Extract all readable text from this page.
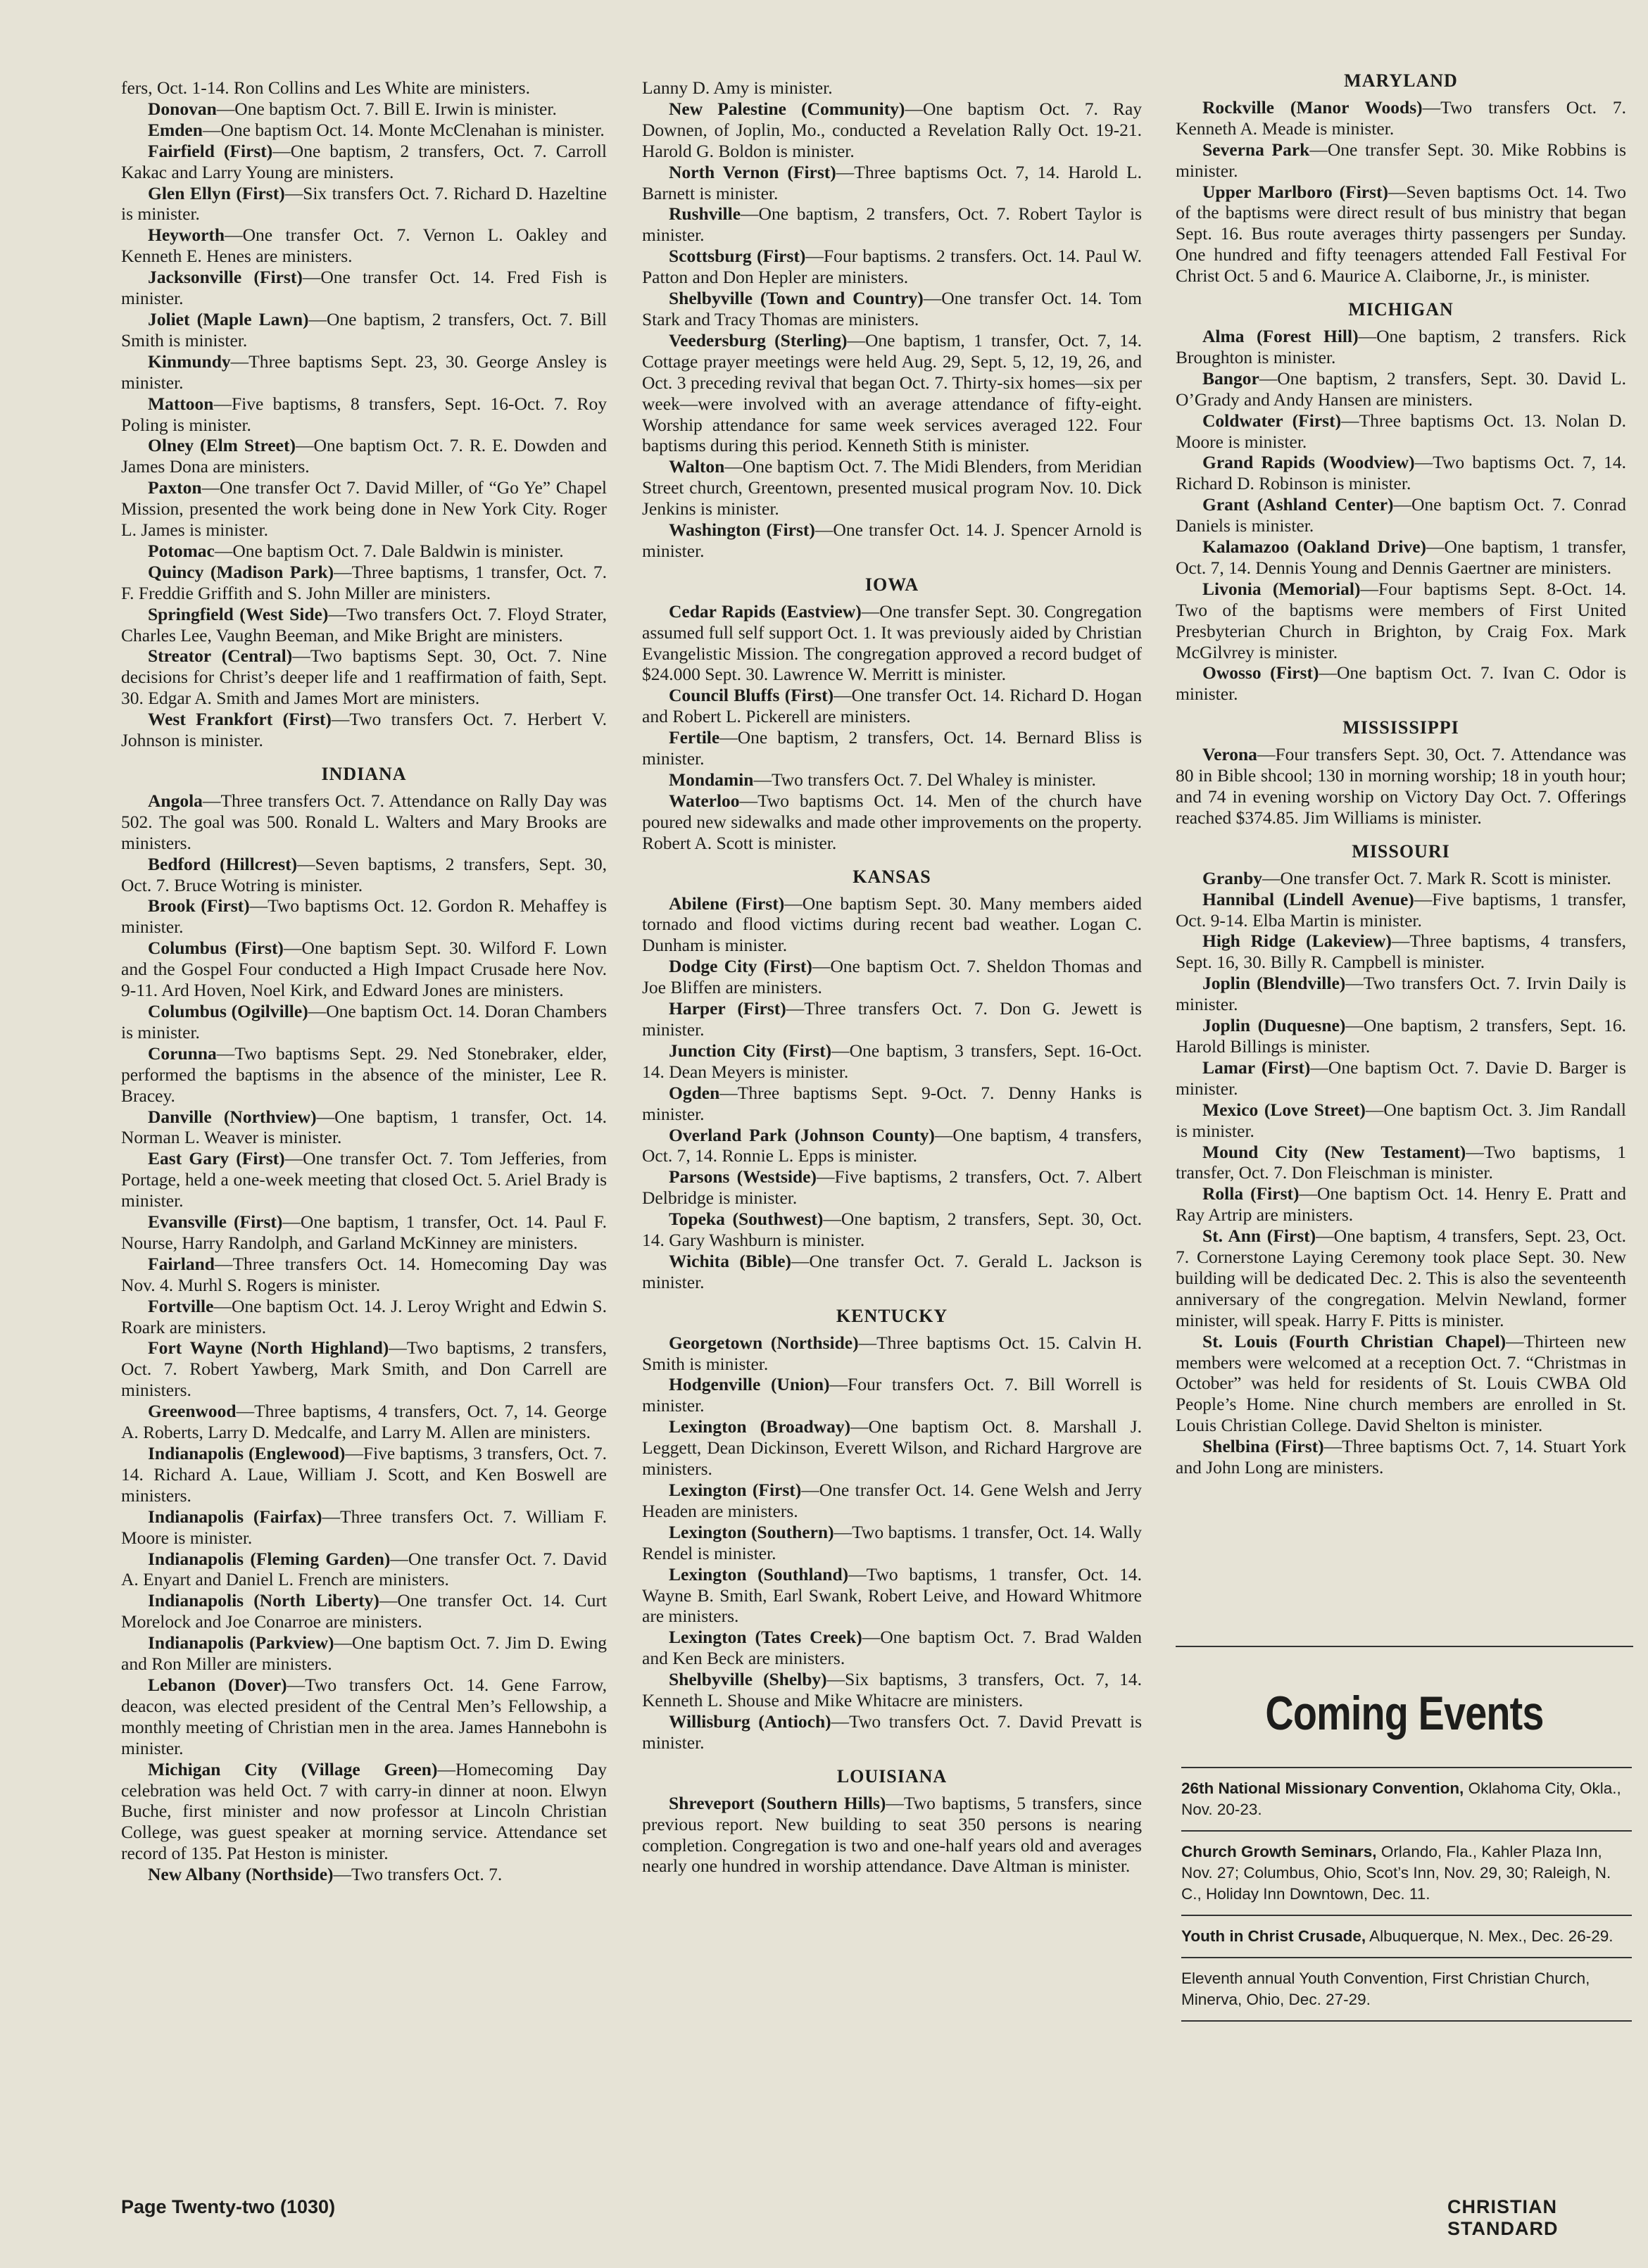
fers, Oct. 1-14. Ron Collins and Les White are ministers.

Donovan—One baptism Oct. 7. Bill E. Irwin is minister.

Emden—One baptism Oct. 14. Monte McClenahan is minister.

Fairfield (First)—One baptism, 2 transfers, Oct. 7. Carroll Kakac and Larry Young are ministers.

Glen Ellyn (First)—Six transfers Oct. 7. Richard D. Hazeltine is minister.

Heyworth—One transfer Oct. 7. Vernon L. Oakley and Kenneth E. Henes are ministers.

Jacksonville (First)—One transfer Oct. 14. Fred Fish is minister.

Joliet (Maple Lawn)—One baptism, 2 transfers, Oct. 7. Bill Smith is minister.

Kinmundy—Three baptisms Sept. 23, 30. George Ansley is minister.

Mattoon—Five baptisms, 8 transfers, Sept. 16-Oct. 7. Roy Poling is minister.

Olney (Elm Street)—One baptism Oct. 7. R. E. Dowden and James Dona are ministers.

Paxton—One transfer Oct 7. David Miller, of “Go Ye” Chapel Mission, presented the work being done in New York City. Roger L. James is minister.

Potomac—One baptism Oct. 7. Dale Baldwin is minister.

Quincy (Madison Park)—Three baptisms, 1 transfer, Oct. 7. F. Freddie Griffith and S. John Miller are ministers.

Springfield (West Side)—Two transfers Oct. 7. Floyd Strater, Charles Lee, Vaughn Beeman, and Mike Bright are ministers.

Streator (Central)—Two baptisms Sept. 30, Oct. 7. Nine decisions for Christ’s deeper life and 1 reaffirmation of faith, Sept. 30. Edgar A. Smith and James Mort are ministers.

West Frankfort (First)—Two transfers Oct. 7. Herbert V. Johnson is minister.

INDIANA

Angola—Three transfers Oct. 7. Attendance on Rally Day was 502. The goal was 500. Ronald L. Walters and Mary Brooks are ministers.

Bedford (Hillcrest)—Seven baptisms, 2 transfers, Sept. 30, Oct. 7. Bruce Wotring is minister.

Brook (First)—Two baptisms Oct. 12. Gordon R. Mehaffey is minister.

Columbus (First)—One baptism Sept. 30. Wilford F. Lown and the Gospel Four conducted a High Impact Crusade here Nov. 9-11. Ard Hoven, Noel Kirk, and Edward Jones are ministers.

Columbus (Ogilville)—One baptism Oct. 14. Doran Chambers is minister.

Corunna—Two baptisms Sept. 29. Ned Stonebraker, elder, performed the baptisms in the absence of the minister, Lee R. Bracey.

Danville (Northview)—One baptism, 1 transfer, Oct. 14. Norman L. Weaver is minister.

East Gary (First)—One transfer Oct. 7. Tom Jefferies, from Portage, held a one-week meeting that closed Oct. 5. Ariel Brady is minister.

Evansville (First)—One baptism, 1 transfer, Oct. 14. Paul F. Nourse, Harry Randolph, and Garland McKinney are ministers.

Fairland—Three transfers Oct. 14. Homecoming Day was Nov. 4. Murhl S. Rogers is minister.

Fortville—One baptism Oct. 14. J. Leroy Wright and Edwin S. Roark are ministers.

Fort Wayne (North Highland)—Two baptisms, 2 transfers, Oct. 7. Robert Yawberg, Mark Smith, and Don Carrell are ministers.

Greenwood—Three baptisms, 4 transfers, Oct. 7, 14. George A. Roberts, Larry D. Medcalfe, and Larry M. Allen are ministers.

Indianapolis (Englewood)—Five baptisms, 3 transfers, Oct. 7. 14. Richard A. Laue, William J. Scott, and Ken Boswell are ministers.

Indianapolis (Fairfax)—Three transfers Oct. 7. William F. Moore is minister.

Indianapolis (Fleming Garden)—One transfer Oct. 7. David A. Enyart and Daniel L. French are ministers.

Indianapolis (North Liberty)—One transfer Oct. 14. Curt Morelock and Joe Conarroe are ministers.

Indianapolis (Parkview)—One baptism Oct. 7. Jim D. Ewing and Ron Miller are ministers.

Lebanon (Dover)—Two transfers Oct. 14. Gene Farrow, deacon, was elected president of the Central Men’s Fellowship, a monthly meeting of Christian men in the area. James Hannebohn is minister.

Michigan City (Village Green)—Homecoming Day celebration was held Oct. 7 with carry-in dinner at noon. Elwyn Buche, first minister and now professor at Lincoln Christian College, was guest speaker at morning service. Attendance set record of 135. Pat Heston is minister.

New Albany (Northside)—Two transfers Oct. 7.

Lanny D. Amy is minister.

New Palestine (Community)—One baptism Oct. 7. Ray Downen, of Joplin, Mo., conducted a Revelation Rally Oct. 19-21. Harold G. Boldon is minister.

North Vernon (First)—Three baptisms Oct. 7, 14. Harold L. Barnett is minister.

Rushville—One baptism, 2 transfers, Oct. 7. Robert Taylor is minister.

Scottsburg (First)—Four baptisms. 2 transfers. Oct. 14. Paul W. Patton and Don Hepler are ministers.

Shelbyville (Town and Country)—One transfer Oct. 14. Tom Stark and Tracy Thomas are ministers.

Veedersburg (Sterling)—One baptism, 1 transfer, Oct. 7, 14. Cottage prayer meetings were held Aug. 29, Sept. 5, 12, 19, 26, and Oct. 3 preceding revival that began Oct. 7. Thirty-six homes—six per week—were involved with an average attendance of fifty-eight. Worship attendance for same week services averaged 122. Four baptisms during this period. Kenneth Stith is minister.

Walton—One baptism Oct. 7. The Midi Blenders, from Meridian Street church, Greentown, presented musical program Nov. 10. Dick Jenkins is minister.

Washington (First)—One transfer Oct. 14. J. Spencer Arnold is minister.

IOWA

Cedar Rapids (Eastview)—One transfer Sept. 30. Congregation assumed full self support Oct. 1. It was previously aided by Christian Evangelistic Mission. The congregation approved a record budget of $24.000 Sept. 30. Lawrence W. Merritt is minister.

Council Bluffs (First)—One transfer Oct. 14. Richard D. Hogan and Robert L. Pickerell are ministers.

Fertile—One baptism, 2 transfers, Oct. 14. Bernard Bliss is minister.

Mondamin—Two transfers Oct. 7. Del Whaley is minister.

Waterloo—Two baptisms Oct. 14. Men of the church have poured new sidewalks and made other improvements on the property. Robert A. Scott is minister.

KANSAS

Abilene (First)—One baptism Sept. 30. Many members aided tornado and flood victims during recent bad weather. Logan C. Dunham is minister.

Dodge City (First)—One baptism Oct. 7. Sheldon Thomas and Joe Bliffen are ministers.

Harper (First)—Three transfers Oct. 7. Don G. Jewett is minister.

Junction City (First)—One baptism, 3 transfers, Sept. 16-Oct. 14. Dean Meyers is minister.

Ogden—Three baptisms Sept. 9-Oct. 7. Denny Hanks is minister.

Overland Park (Johnson County)—One baptism, 4 transfers, Oct. 7, 14. Ronnie L. Epps is minister.

Parsons (Westside)—Five baptisms, 2 transfers, Oct. 7. Albert Delbridge is minister.

Topeka (Southwest)—One baptism, 2 transfers, Sept. 30, Oct. 14. Gary Washburn is minister.

Wichita (Bible)—One transfer Oct. 7. Gerald L. Jackson is minister.

KENTUCKY

Georgetown (Northside)—Three baptisms Oct. 15. Calvin H. Smith is minister.

Hodgenville (Union)—Four transfers Oct. 7. Bill Worrell is minister.

Lexington (Broadway)—One baptism Oct. 8. Marshall J. Leggett, Dean Dickinson, Everett Wilson, and Richard Hargrove are ministers.

Lexington (First)—One transfer Oct. 14. Gene Welsh and Jerry Headen are ministers.

Lexington (Southern)—Two baptisms. 1 transfer, Oct. 14. Wally Rendel is minister.

Lexington (Southland)—Two baptisms, 1 transfer, Oct. 14. Wayne B. Smith, Earl Swank, Robert Leive, and Howard Whitmore are ministers.

Lexington (Tates Creek)—One baptism Oct. 7. Brad Walden and Ken Beck are ministers.

Shelbyville (Shelby)—Six baptisms, 3 transfers, Oct. 7, 14. Kenneth L. Shouse and Mike Whitacre are ministers.

Willisburg (Antioch)—Two transfers Oct. 7. David Prevatt is minister.

LOUISIANA

Shreveport (Southern Hills)—Two baptisms, 5 transfers, since previous report. New building to seat 350 persons is nearing completion. Congregation is two and one-half years old and averages nearly one hundred in worship attendance. Dave Altman is minister.

MARYLAND

Rockville (Manor Woods)—Two transfers Oct. 7. Kenneth A. Meade is minister.

Severna Park—One transfer Sept. 30. Mike Robbins is minister.

Upper Marlboro (First)—Seven baptisms Oct. 14. Two of the baptisms were direct result of bus ministry that began Sept. 16. Bus route averages thirty passengers per Sunday. One hundred and fifty teenagers attended Fall Festival For Christ Oct. 5 and 6. Maurice A. Claiborne, Jr., is minister.

MICHIGAN

Alma (Forest Hill)—One baptism, 2 transfers. Rick Broughton is minister.

Bangor—One baptism, 2 transfers, Sept. 30. David L. O’Grady and Andy Hansen are ministers.

Coldwater (First)—Three baptisms Oct. 13. Nolan D. Moore is minister.

Grand Rapids (Woodview)—Two baptisms Oct. 7, 14. Richard D. Robinson is minister.

Grant (Ashland Center)—One baptism Oct. 7. Conrad Daniels is minister.

Kalamazoo (Oakland Drive)—One baptism, 1 transfer, Oct. 7, 14. Dennis Young and Dennis Gaertner are ministers.

Livonia (Memorial)—Four baptisms Sept. 8-Oct. 14. Two of the baptisms were members of First United Presbyterian Church in Brighton, by Craig Fox. Mark McGilvrey is minister.

Owosso (First)—One baptism Oct. 7. Ivan C. Odor is minister.

MISSISSIPPI

Verona—Four transfers Sept. 30, Oct. 7. Attendance was 80 in Bible shcool; 130 in morning worship; 18 in youth hour; and 74 in evening worship on Victory Day Oct. 7. Offerings reached $374.85. Jim Williams is minister.

MISSOURI

Granby—One transfer Oct. 7. Mark R. Scott is minister.

Hannibal (Lindell Avenue)—Five baptisms, 1 transfer, Oct. 9-14. Elba Martin is minister.

High Ridge (Lakeview)—Three baptisms, 4 transfers, Sept. 16, 30. Billy R. Campbell is minister.

Joplin (Blendville)—Two transfers Oct. 7. Irvin Daily is minister.

Joplin (Duquesne)—One baptism, 2 transfers, Sept. 16. Harold Billings is minister.

Lamar (First)—One baptism Oct. 7. Davie D. Barger is minister.

Mexico (Love Street)—One baptism Oct. 3. Jim Randall is minister.

Mound City (New Testament)—Two baptisms, 1 transfer, Oct. 7. Don Fleischman is minister.

Rolla (First)—One baptism Oct. 14. Henry E. Pratt and Ray Artrip are ministers.

St. Ann (First)—One baptism, 4 transfers, Sept. 23, Oct. 7. Cornerstone Laying Ceremony took place Sept. 30. New building will be dedicated Dec. 2. This is also the seventeenth anniversary of the congregation. Melvin Newland, former minister, will speak. Harry F. Pitts is minister.

St. Louis (Fourth Christian Chapel)—Thirteen new members were welcomed at a reception Oct. 7. “Christmas in October” was held for residents of St. Louis CWBA Old People’s Home. Nine church members are enrolled in St. Louis Christian College. David Shelton is minister.

Shelbina (First)—Three baptisms Oct. 7, 14. Stuart York and John Long are ministers.

Coming Events
26th National Missionary Convention, Oklahoma City, Okla., Nov. 20-23.
Church Growth Seminars, Orlando, Fla., Kahler Plaza Inn, Nov. 27; Columbus, Ohio, Scot’s Inn, Nov. 29, 30; Raleigh, N. C., Holiday Inn Downtown, Dec. 11.
Youth in Christ Crusade, Albuquerque, N. Mex., Dec. 26-29.
Eleventh annual Youth Convention, First Christian Church, Minerva, Ohio, Dec. 27-29.
Page Twenty-two (1030)	CHRISTIAN STANDARD
